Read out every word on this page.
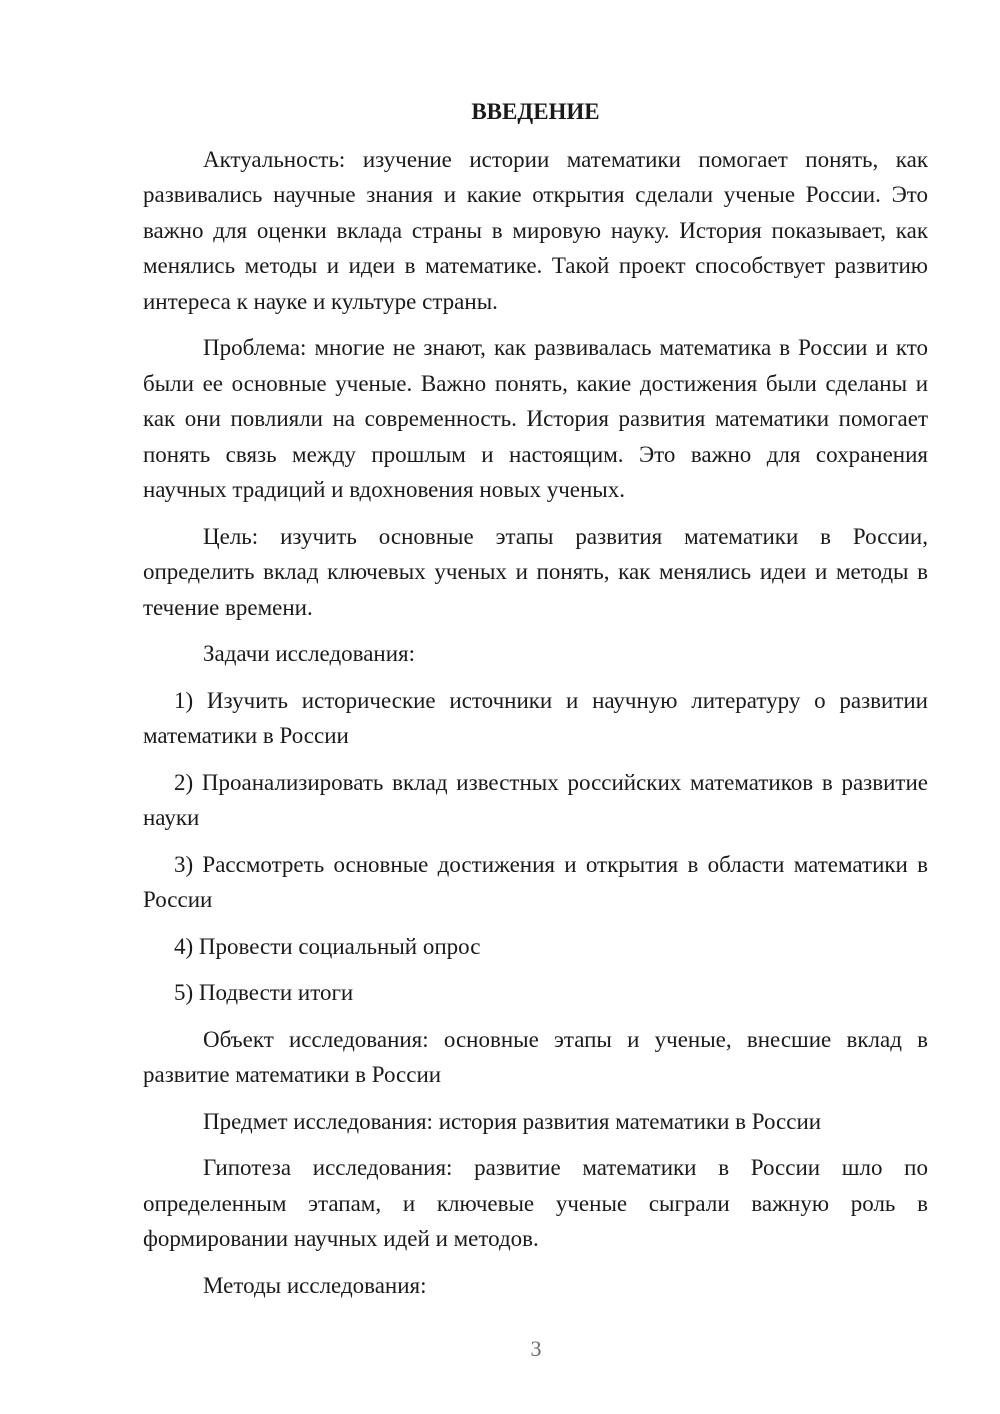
ВВЕДЕНИЕ

Актуальность: изучение истории математики помогает понять, как развивались научные знания и какие открытия сделали ученые России. Это важно для оценки вклада страны в мировую науку. История показывает, как менялись методы и идеи в математике. Такой проект способствует развитию интереса к науке и культуре страны.

Проблема: многие не знают, как развивалась математика в России и кто были ее основные ученые. Важно понять, какие достижения были сделаны и как они повлияли на современность. История развития математики помогает понять связь между прошлым и настоящим. Это важно для сохранения научных традиций и вдохновения новых ученых.

Цель: изучить основные этапы развития математики в России, определить вклад ключевых ученых и понять, как менялись идеи и методы в течение времени.

Задачи исследования:

1) Изучить исторические источники и научную литературу о развитии математики в России

2) Проанализировать вклад известных российских математиков в развитие науки

3) Рассмотреть основные достижения и открытия в области математики в России

4) Провести социальный опрос

5) Подвести итоги

Объект исследования: основные этапы и ученые, внесшие вклад в развитие математики в России

Предмет исследования: история развития математики в России

Гипотеза исследования: развитие математики в России шло по определенным этапам, и ключевые ученые сыграли важную роль в формировании научных идей и методов.

Методы исследования:

3
